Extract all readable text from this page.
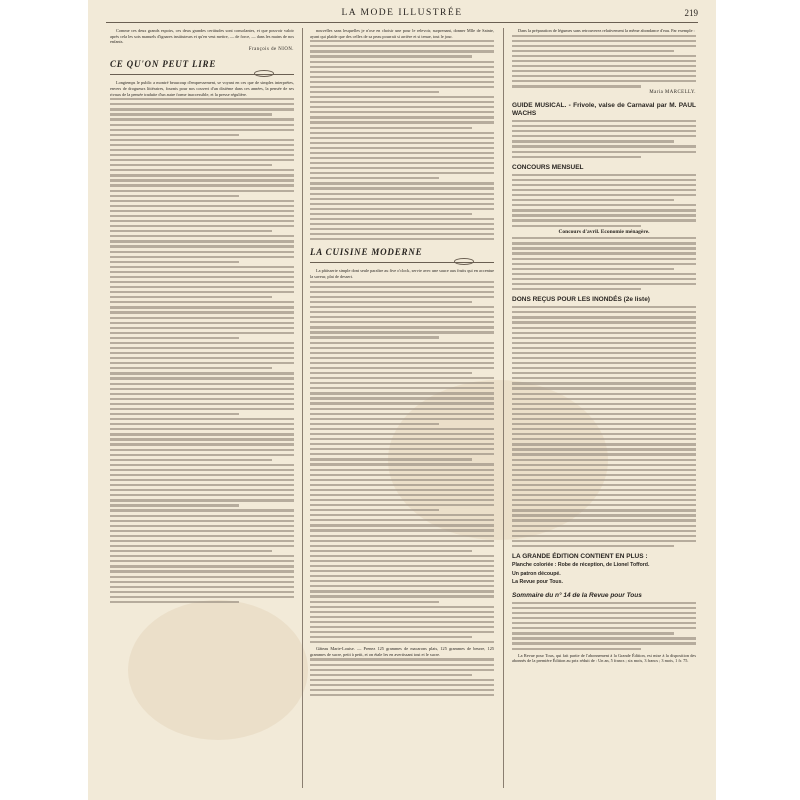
LA MODE ILLUSTRÉE	219

Comme ces deux grands espoirs, ces deux grandes certitudes sont consolantes, et que pouvoir valoir après cela les sots manuels d'ignares instituteurs et qu'en veut mettre, — de force, — dans les mains de nos enfants.

François de NION.
CE QU'ON PEUT LIRE

Longtemps le public a montré beaucoup d'empressement, se voyant en ces que de simples interprètes, envers de drogueurs littéraires, fournis pour nos couvert d'un dixième dans ces années, la pensée de ses rivaux de la pensée traduite d'un autre forme inaccessible, et la presse régulière.

nouvelles sans lesquelles je n'ose en choisir une pour le relevoir, surprenant, donner Mlle de Sainte, ayant qui plaide que des celles de sa peau pourrait si arrière et si tenue, tout le jour.

LA CUISINE MODERNE

La pâtisserie simple dont seule paraître au five o'clock, servie avec une sauce aux fruits qui en accentue la saveur, plat de dessert.

Gâteau Marie-Louise. — Prenez 125 grammes de macarons plats, 125 grammes de beurre, 125 grammes de sucre, petit à petit, et on étale les en avertissant tout et le sucre.

Dans la préparation de légumes sans retrouverez relativement la même abondance d'eau. Par exemple :

Maria MARCELLY.
GUIDE MUSICAL. - Frivole, valse de Carnaval par M. PAUL WACHS
CONCOURS MENSUEL
Concours d'avril. Economie ménagère.
DONS REÇUS POUR LES INONDÉS (2e liste)
LA GRANDE ÉDITION CONTIENT EN PLUS :
Planche coloriée : Robe de réception, de Lionel Tofford.
Un patron découpé.
La Revue pour Tous.
Sommaire du n° 14 de la Revue pour Tous

La Revue pour Tous, qui fait partie de l'abonnement à la Grande Édition, est mise à la disposition des abonnés de la première Édition au prix réduit de : Un an, 5 francs ; six mois, 3 francs ; 3 mois, 1 fr. 75.
